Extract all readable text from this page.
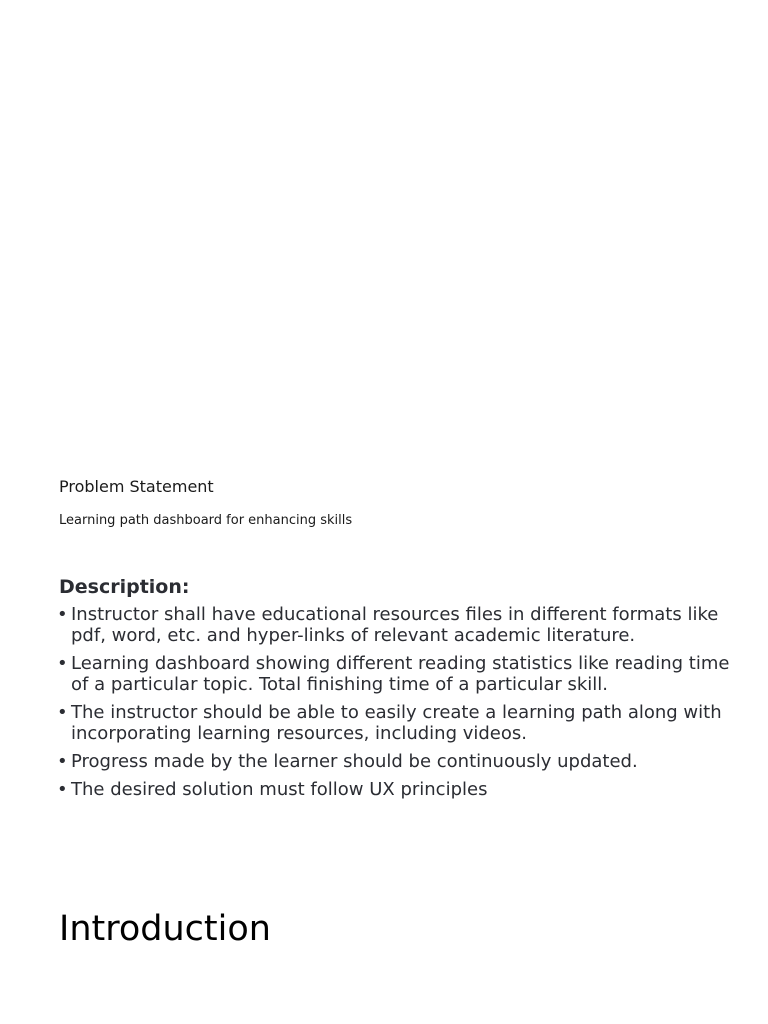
Problem Statement
Learning path dashboard for enhancing skills
Description:
• Instructor shall have educational resources files in different formats like pdf, word, etc. and hyper-links of relevant academic literature.
• Learning dashboard showing different reading statistics like reading time of a particular topic. Total finishing time of a particular skill.
• The instructor should be able to easily create a learning path along with incorporating learning resources, including videos.
• Progress made by the learner should be continuously updated.
• The desired solution must follow UX principles
Introduction
